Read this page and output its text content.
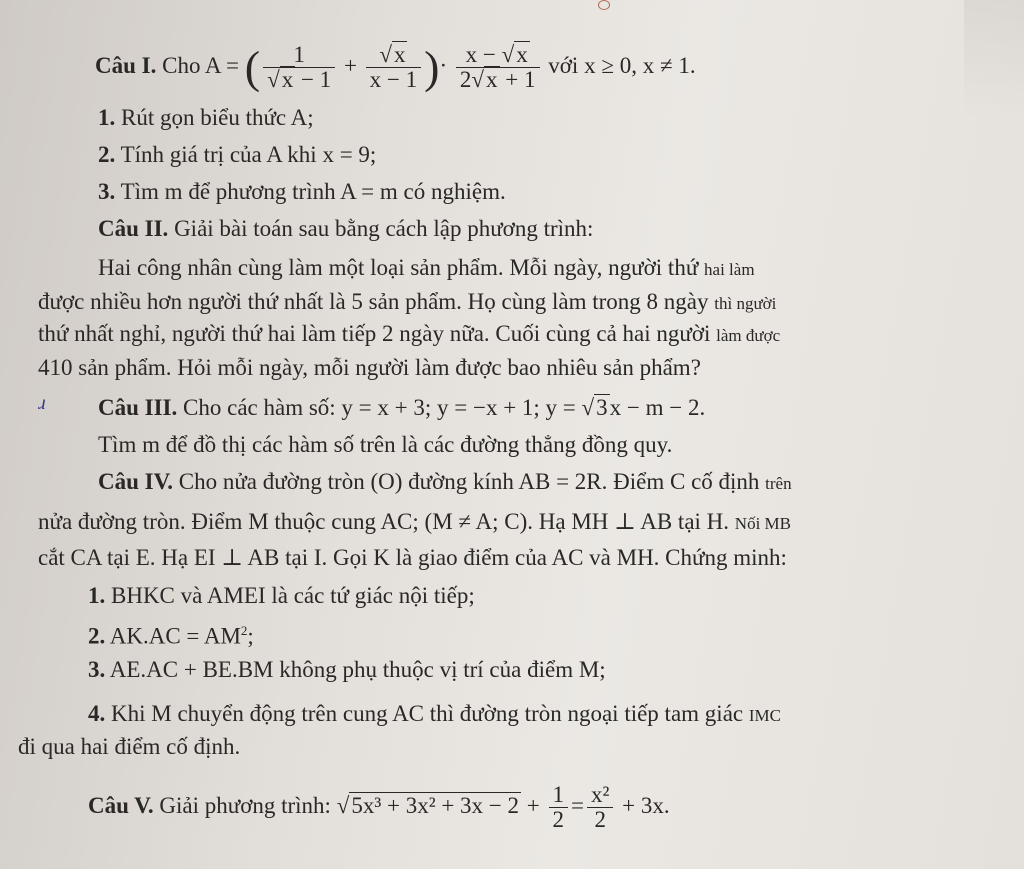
Câu I. Cho A = ( $\frac{1}{√x - 1} + \frac{√x}{x - 1}$ )· $\frac{x - √x}{2√x + 1}$ với x ≥ 0, x ≠ 1.
1. Rút gọn biểu thức A;
2. Tính giá trị của A khi x = 9;
3. Tìm m để phương trình A = m có nghiệm.
Câu II. Giải bài toán sau bằng cách lập phương trình:
Hai công nhân cùng làm một loại sản phẩm. Mỗi ngày, người thứ hai làm
được nhiều hơn người thứ nhất là 5 sản phẩm. Họ cùng làm trong 8 ngày thì người
thứ nhất nghỉ, người thứ hai làm tiếp 2 ngày nữa. Cuối cùng cả hai người làm được
410 sản phẩm. Hỏi mỗi ngày, mỗi người làm được bao nhiêu sản phẩm?
ɹ Câu III. Cho các hàm số: y = x + 3; y = −x + 1; y = √3x − m − 2.
Tìm m để đồ thị các hàm số trên là các đường thẳng đồng quy.
Câu IV. Cho nửa đường tròn (O) đường kính AB = 2R. Điểm C cố định trên
nửa đường tròn. Điểm M thuộc cung AC; (M ≠ A; C). Hạ MH ⊥ AB tại H. Nối MB
cắt CA tại E. Hạ EI ⊥ AB tại I. Gọi K là giao điểm của AC và MH. Chứng minh:
1. BHKC và AMEI là các tứ giác nội tiếp;
2. $AK.AC = AM^2$;
3. AE.AC + BE.BM không phụ thuộc vị trí của điểm M;
4. Khi M chuyển động trên cung AC thì đường tròn ngoại tiếp tam giác IMC
đi qua hai điểm cố định.
Câu V. Giải phương trình: $√5x^3 + 3x^2 + 3x - 2 + \frac{1}{2} = \frac{\text{x²}}{2} + 3x$.
